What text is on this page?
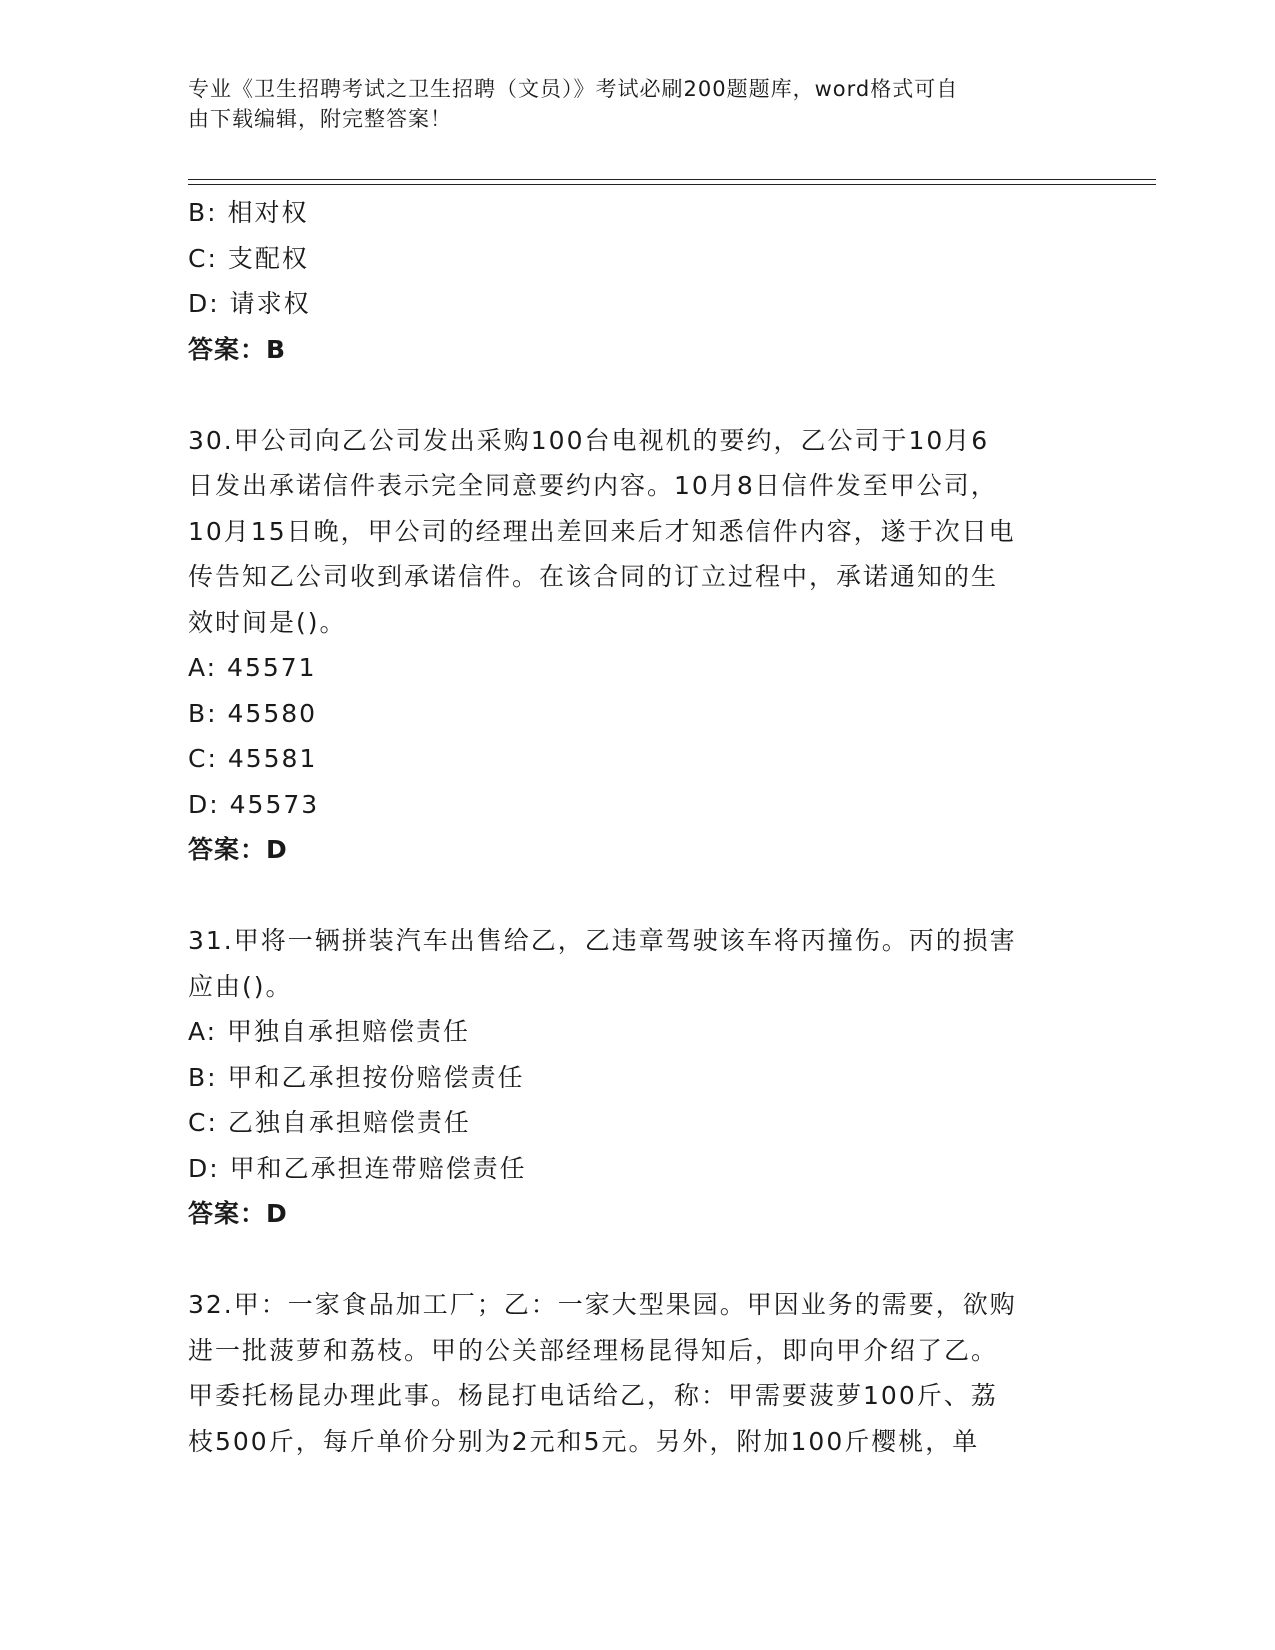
专业《卫生招聘考试之卫生招聘（文员）》考试必刷200题题库，word格式可自
由下载编辑，附完整答案！
B: 相对权
C: 支配权
D: 请求权
答案：B
30.甲公司向乙公司发出采购100台电视机的要约，乙公司于10月6
日发出承诺信件表示完全同意要约内容。10月8日信件发至甲公司，
10月15日晚，甲公司的经理出差回来后才知悉信件内容，遂于次日电
传告知乙公司收到承诺信件。在该合同的订立过程中，承诺通知的生
效时间是()。
A: 45571
B: 45580
C: 45581
D: 45573
答案：D
31.甲将一辆拼装汽车出售给乙，乙违章驾驶该车将丙撞伤。丙的损害
应由()。
A: 甲独自承担赔偿责任
B: 甲和乙承担按份赔偿责任
C: 乙独自承担赔偿责任
D: 甲和乙承担连带赔偿责任
答案：D
32.甲：一家食品加工厂；乙：一家大型果园。甲因业务的需要，欲购
进一批菠萝和荔枝。甲的公关部经理杨昆得知后，即向甲介绍了乙。
甲委托杨昆办理此事。杨昆打电话给乙，称：甲需要菠萝100斤、荔
枝500斤，每斤单价分别为2元和5元。另外，附加100斤樱桃，单
